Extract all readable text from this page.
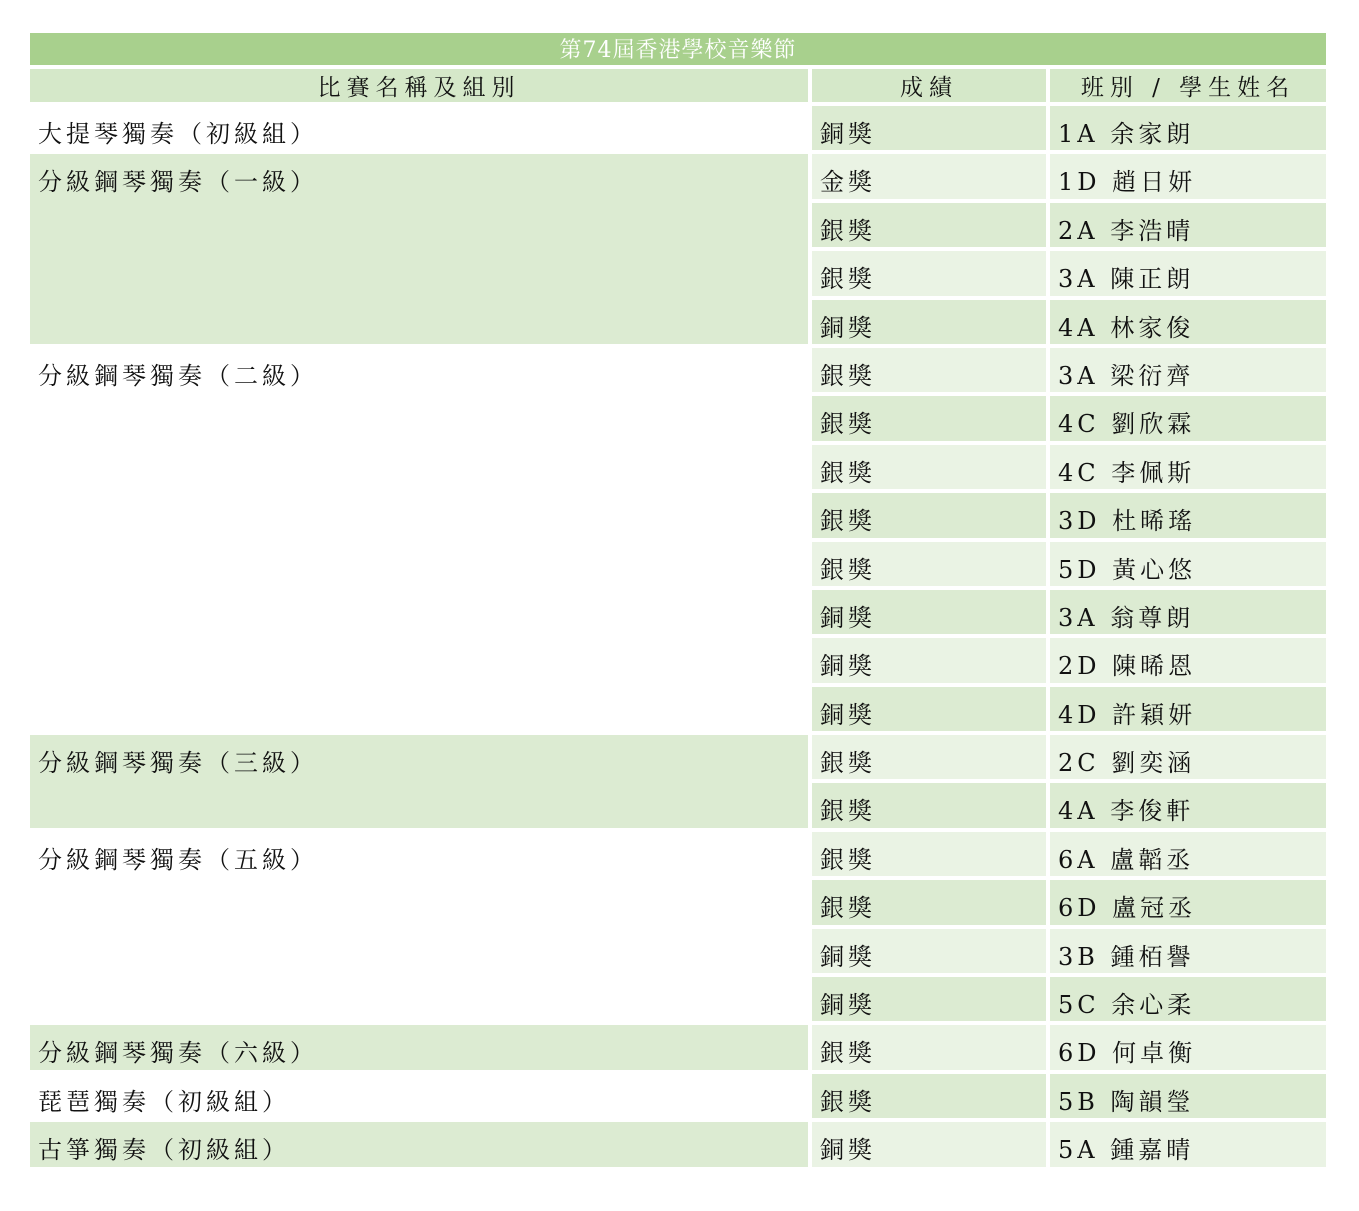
第74屆香港學校音樂節		
比賽名稱及組別	成績	班別 / 學生姓名

大提琴獨奏（初級組）	銅獎	1A 余家朗

分級鋼琴獨奏（一級）	金獎	1D 趙日妍

	銀獎	2A 李浩晴

	銀獎	3A 陳正朗

	銅獎	4A 林家俊

分級鋼琴獨奏（二級）	銀獎	3A 梁衍齊

	銀獎	4C 劉欣霖

	銀獎	4C 李佩斯

	銀獎	3D 杜晞瑤

	銀獎	5D 黃心悠

	銅獎	3A 翁尊朗

	銅獎	2D 陳晞恩

	銅獎	4D 許穎妍

分級鋼琴獨奏（三級）	銀獎	2C 劉奕涵

	銀獎	4A 李俊軒

分級鋼琴獨奏（五級）	銀獎	6A 盧韜丞

	銀獎	6D 盧冠丞

	銅獎	3B 鍾栢譽

	銅獎	5C 余心柔

分級鋼琴獨奏（六級）	銀獎	6D 何卓衡

琵琶獨奏（初級組）	銀獎	5B 陶韻瑩

古箏獨奏（初級組）	銅獎	5A 鍾嘉晴
